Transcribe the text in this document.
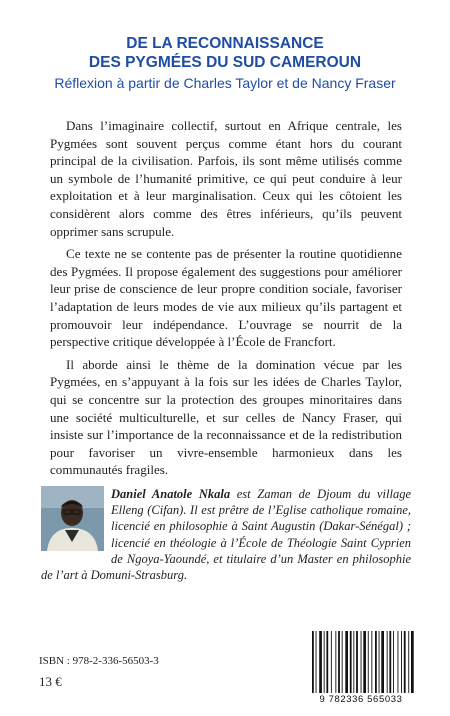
DE LA RECONNAISSANCE
DES PYGMÉES DU SUD CAMEROUN
Réflexion à partir de Charles Taylor et de Nancy Fraser

Dans l’imaginaire collectif, surtout en Afrique centrale, les Pygmées sont souvent perçus comme étant hors du courant principal de la civilisation. Parfois, ils sont même utilisés comme un symbole de l’humanité primitive, ce qui peut conduire à leur exploitation et à leur marginalisation. Ceux qui les côtoient les considèrent alors comme des êtres inférieurs, qu’ils peuvent opprimer sans scrupule.

Ce texte ne se contente pas de présenter la routine quotidienne des Pygmées. Il propose également des suggestions pour améliorer leur prise de conscience de leur propre condition sociale, favoriser l’adaptation de leurs modes de vie aux milieux qu’ils partagent et promouvoir leur indépendance. L’ouvrage se nourrit de la perspective critique développée à l’École de Francfort.

Il aborde ainsi le thème de la domination vécue par les Pygmées, en s’appuyant à la fois sur les idées de Charles Taylor, qui se concentre sur la protection des groupes minoritaires dans une société multiculturelle, et sur celles de Nancy Fraser, qui insiste sur l’importance de la reconnaissance et de la redistribution pour favoriser un vivre-ensemble harmonieux dans les communautés fragiles.

Daniel Anatole Nkala est Zaman de Djoum du village Elleng (Cifan). Il est prêtre de l’Eglise catholique romaine, licencié en philosophie à Saint Augustin (Dakar-Sénégal) ; licencié en théologie à l’École de Théologie Saint Cyprien de Ngoya-Yaoundé, et titulaire d’un Master en philosophie de l’art à Domuni-Strasburg.
ISBN : 978-2-336-56503-3
13 €
9 782336 565033
